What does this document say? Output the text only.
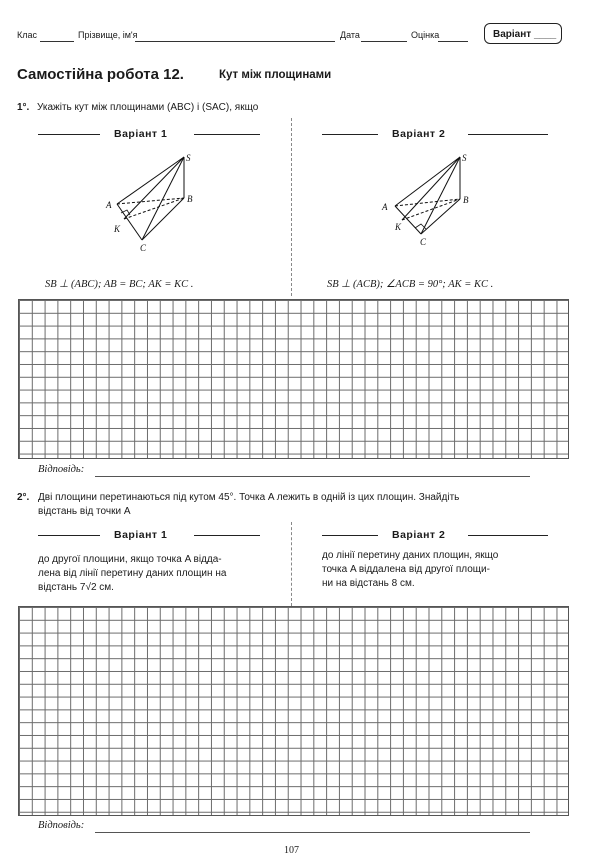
Клас	Прізвище, ім'я	Дата	Оцінка	Варіант ____
Самостійна робота 12.	Кут між площинами
1°. Укажіть кут між площинами (ABC) і (SAC), якщо
Варіант 1	Варіант 2
S
A
B
K
C
S
A
B
K
C
SB ⊥ (ABC); AB = BC; AK = KC .	SB ⊥ (ACB); ∠ACB = 90°; AK = KC .
Відповідь:
2°. Дві площини перетинаються під кутом 45°. Точка A лежить в одній із цих площин. Знайдіть
відстань від точки A
Варіант 1	Варіант 2
до другої площини, якщо точка A відда-
лена від лінії перетину даних площин на
відстань 7√2 см.
до лінії перетину даних площин, якщо
точка A віддалена від другої площи-
ни на відстань 8 см.
Відповідь:
107
